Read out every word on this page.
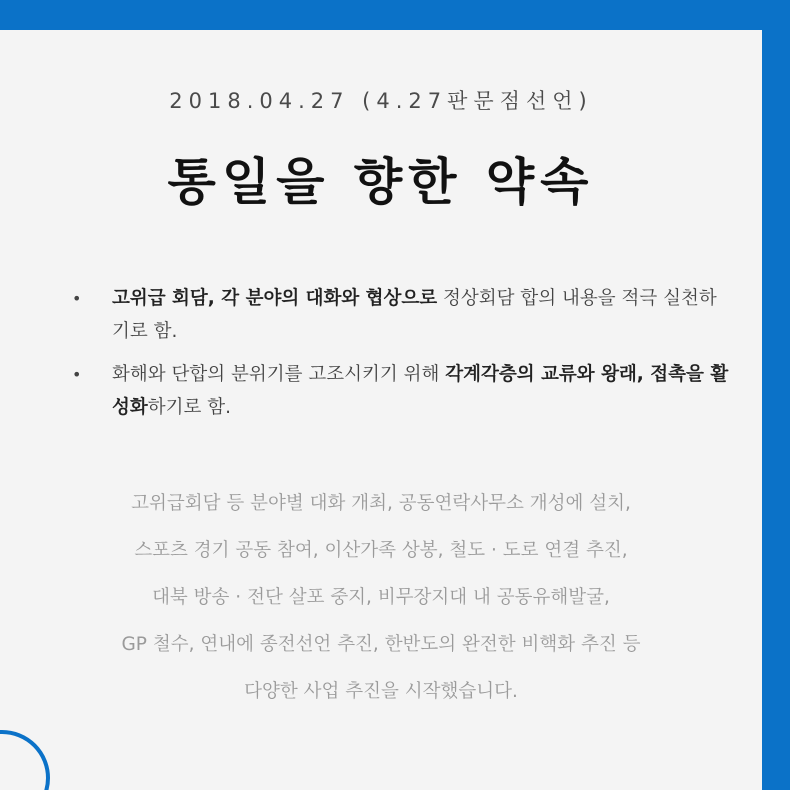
2018.04.27 (4.27판문점선언)
통일을 향한 약속
• 고위급 회담, 각 분야의 대화와 협상으로 정상회담 합의 내용을 적극 실천하기로 함.
• 화해와 단합의 분위기를 고조시키기 위해 각계각층의 교류와 왕래, 접촉을 활성화하기로 함.

고위급회담 등 분야별 대화 개최, 공동연락사무소 개성에 설치,

스포츠 경기 공동 참여, 이산가족 상봉, 철도 · 도로 연결 추진,

대북 방송 · 전단 살포 중지, 비무장지대 내 공동유해발굴,

GP 철수, 연내에 종전선언 추진, 한반도의 완전한 비핵화 추진 등

다양한 사업 추진을 시작했습니다.
